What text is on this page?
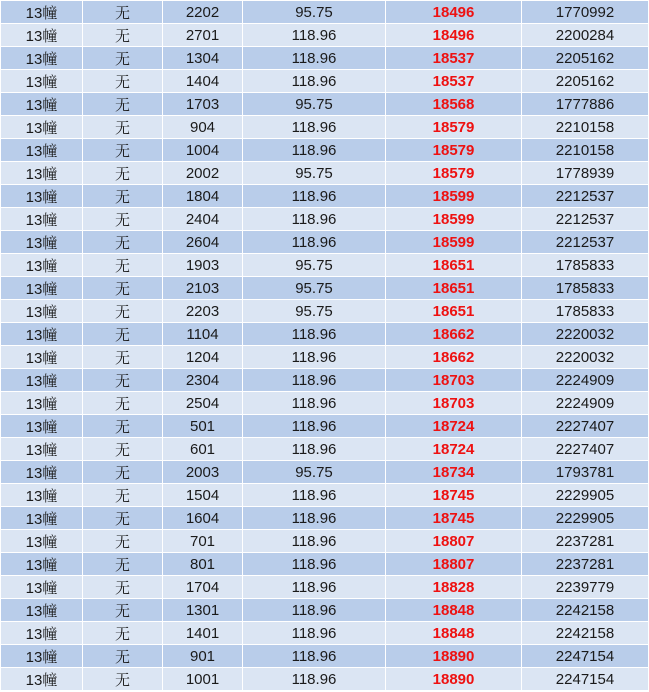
13幢	无	2202	95.75	18496	1770992
13幢	无	2701	118.96	18496	2200284
13幢	无	1304	118.96	18537	2205162
13幢	无	1404	118.96	18537	2205162
13幢	无	1703	95.75	18568	1777886
13幢	无	904	118.96	18579	2210158
13幢	无	1004	118.96	18579	2210158
13幢	无	2002	95.75	18579	1778939
13幢	无	1804	118.96	18599	2212537
13幢	无	2404	118.96	18599	2212537
13幢	无	2604	118.96	18599	2212537
13幢	无	1903	95.75	18651	1785833
13幢	无	2103	95.75	18651	1785833
13幢	无	2203	95.75	18651	1785833
13幢	无	1104	118.96	18662	2220032
13幢	无	1204	118.96	18662	2220032
13幢	无	2304	118.96	18703	2224909
13幢	无	2504	118.96	18703	2224909
13幢	无	501	118.96	18724	2227407
13幢	无	601	118.96	18724	2227407
13幢	无	2003	95.75	18734	1793781
13幢	无	1504	118.96	18745	2229905
13幢	无	1604	118.96	18745	2229905
13幢	无	701	118.96	18807	2237281
13幢	无	801	118.96	18807	2237281
13幢	无	1704	118.96	18828	2239779
13幢	无	1301	118.96	18848	2242158
13幢	无	1401	118.96	18848	2242158
13幢	无	901	118.96	18890	2247154
13幢	无	1001	118.96	18890	2247154
